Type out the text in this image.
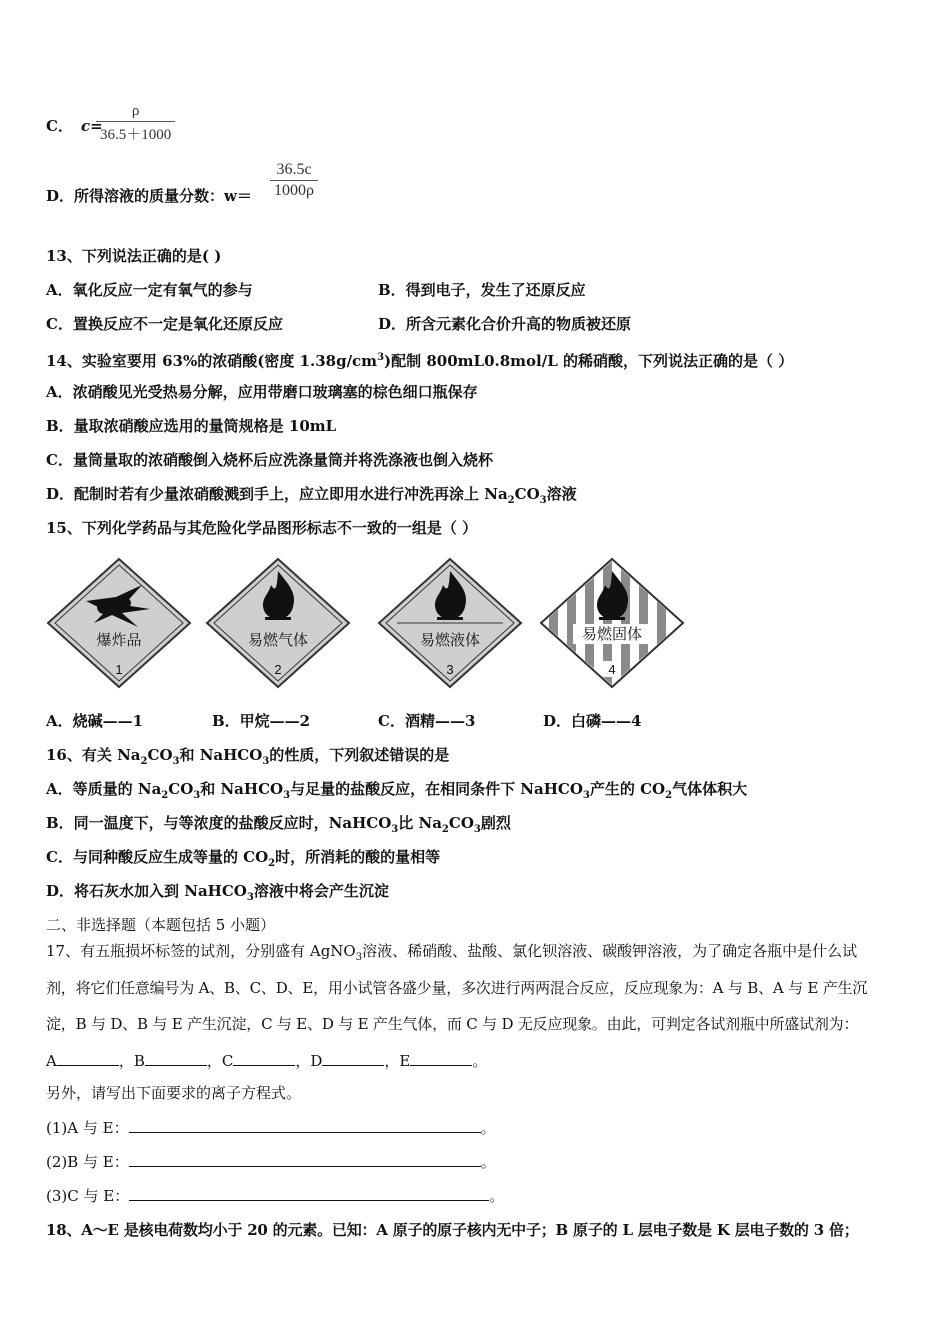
C． c=
ρ
36.5＋1000
D．所得溶液的质量分数：w＝
36.5c
1000ρ
13、下列说法正确的是( )
A．氧化反应一定有氧气的参与	B．得到电子，发生了还原反应
C．置换反应不一定是氧化还原反应	D．所含元素化合价升高的物质被还原
14、实验室要用 63%的浓硝酸(密度 $1.38g/cm^3$)配制 800mL0.8mol/L 的稀硝酸，下列说法正确的是（ ）
A．浓硝酸见光受热易分解，应用带磨口玻璃塞的棕色细口瓶保存
B．量取浓硝酸应选用的量筒规格是 10mL
C．量筒量取的浓硝酸倒入烧杯后应洗涤量筒并将洗涤液也倒入烧杯
D．配制时若有少量浓硝酸溅到手上，应立即用水进行冲洗再涂上 $Na_2CO_3$溶液
15、下列化学药品与其危险化学品图形标志不一致的一组是（ ）
爆炸品
1
易燃气体
2
易燃液体
3
易燃固体
4
A．烧碱——1	B．甲烷——2	C．酒精——3	D．白磷——4
16、有关 $Na_2CO_3$和 NaHCO$_3$的性质，下列叙述错误的是
A．等质量的 $Na_2CO_3$和 NaHCO$_3$与足量的盐酸反应，在相同条件下 NaHCO$_3$产生的 $CO_2$气体体积大
B．同一温度下，与等浓度的盐酸反应时，NaHCO$_3$比 $Na_2CO_3$剧烈
C．与同种酸反应生成等量的 $CO_2$时，所消耗的酸的量相等
D．将石灰水加入到 NaHCO$_3$溶液中将会产生沉淀
二、非选择题（本题包括 5 小题）
17、有五瓶损坏标签的试剂，分别盛有 AgNO$_3$溶液、稀硝酸、盐酸、氯化钡溶液、碳酸钾溶液，为了确定各瓶中是什么试
剂，将它们任意编号为 A、B、C、D、E，用小试管各盛少量，多次进行两两混合反应，反应现象为：A 与 B、A 与 E 产生沉
淀，B 与 D、B 与 E 产生沉淀，C 与 E、D 与 E 产生气体，而 C 与 D 无反应现象。由此，可判定各试剂瓶中所盛试剂为：
A	，B	，C	，D	，E	。
另外，请写出下面要求的离子方程式。
(1)A 与 E：	。
(2)B 与 E：	。
(3)C 与 E：	。
18、A～E 是核电荷数均小于 20 的元素。已知：A 原子的原子核内无中子；B 原子的 L 层电子数是 K 层电子数的 3 倍；
